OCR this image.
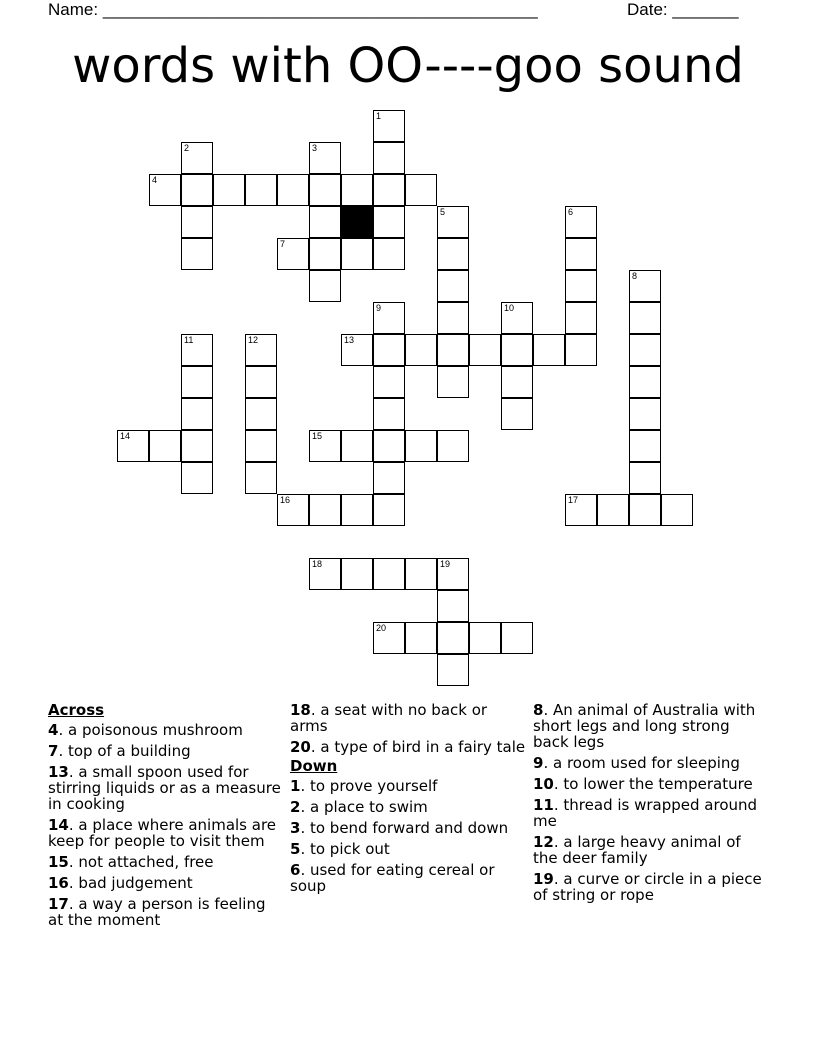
Name: ______________________________________________	Date: _______
words with OO----goo sound
1
2	3
4
5	6
7
8
9	10
11	12	13
14	15
16	17
18	19
20
Across
4. a poisonous mushroom
7. top of a building
13. a small spoon used for stirring liquids or as a measure in cooking
14. a place where animals are keep for people to visit them
15. not attached, free
16. bad judgement
17. a way a person is feeling at the moment
18. a seat with no back or arms
20. a type of bird in a fairy tale
Down
1. to prove yourself
2. a place to swim
3. to bend forward and down
5. to pick out
6. used for eating cereal or soup
8. An animal of Australia with short legs and long strong back legs
9. a room used for sleeping
10. to lower the temperature
11. thread is wrapped around me
12. a large heavy animal of the deer family
19. a curve or circle in a piece of string or rope
